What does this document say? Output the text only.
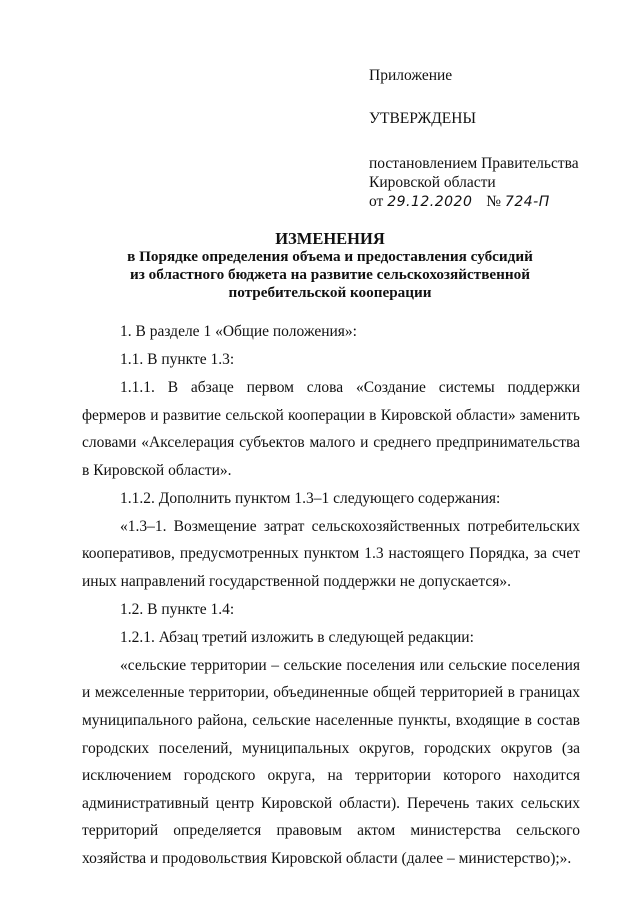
Приложение
УТВЕРЖДЕНЫ
постановлением Правительства
Кировской области
от 29.12.2020 № 724-П
ИЗМЕНЕНИЯ
в Порядке определения объема и предоставления субсидий
из областного бюджета на развитие сельскохозяйственной
потребительской кооперации

1. В разделе 1 «Общие положения»:

1.1. В пункте 1.3:

1.1.1. В абзаце первом слова «Создание системы поддержки фермеров и развитие сельской кооперации в Кировской области» заменить словами «Акселерация субъектов малого и среднего предпринимательства в Кировской области».

1.1.2. Дополнить пунктом 1.3–1 следующего содержания:

«1.3–1. Возмещение затрат сельскохозяйственных потребительских кооперативов, предусмотренных пунктом 1.3 настоящего Порядка, за счет иных направлений государственной поддержки не допускается».

1.2. В пункте 1.4:

1.2.1. Абзац третий изложить в следующей редакции:

«сельские территории – сельские поселения или сельские поселения и межселенные территории, объединенные общей территорией в границах муниципального района, сельские населенные пункты, входящие в состав городских поселений, муниципальных округов, городских округов (за исключением городского округа, на территории которого находится административный центр Кировской области). Перечень таких сельских территорий определяется правовым актом министерства сельского хозяйства и продовольствия Кировской области (далее – министерство);».
